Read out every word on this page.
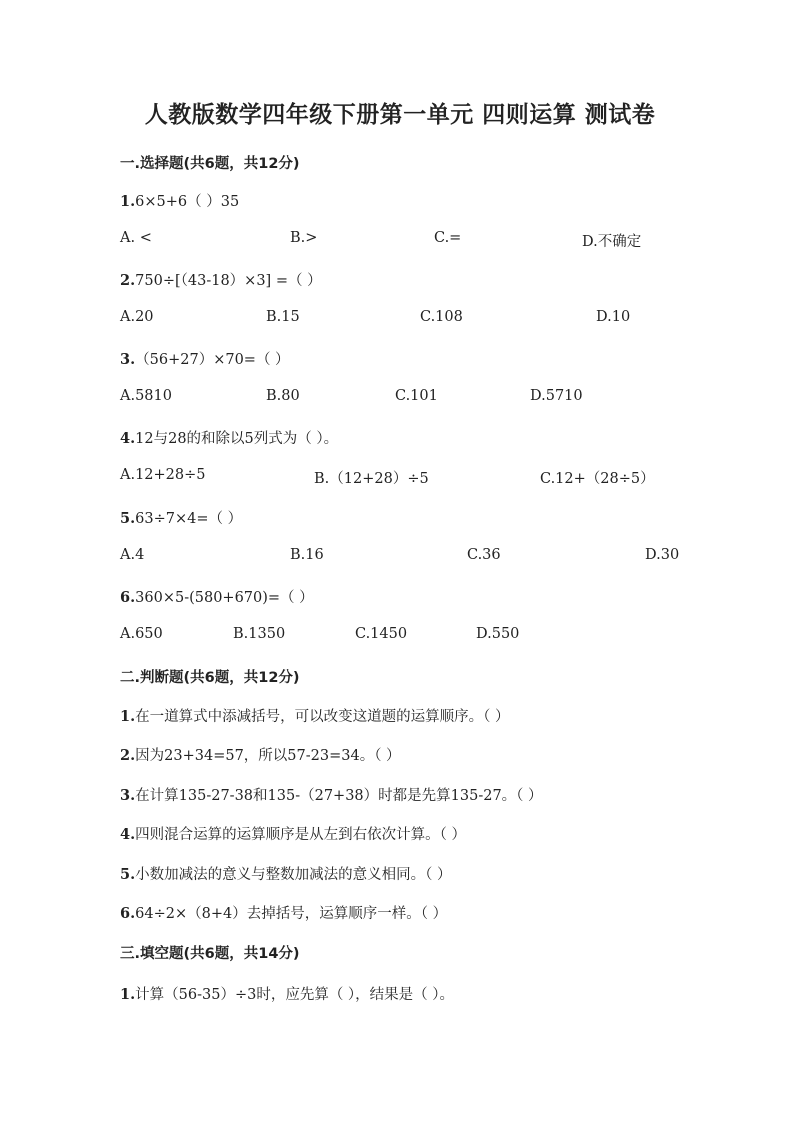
人教版数学四年级下册第一单元 四则运算 测试卷
一.选择题(共6题，共12分)
1.6×5+6（ ）35
A. <	B.>	C.=	D.不确定
2.750÷[（43-18）×3] =（ ）
A.20	B.15	C.108	D.10
3.（56+27）×70=（ ）
A.5810	B.80	C.101	D.5710
4.12与28的和除以5列式为（ ）。
A.12+28÷5	B.（12+28）÷5	C.12+（28÷5）
5.63÷7×4=（ ）
A.4	B.16	C.36	D.30
6.360×5-(580+670)=（ ）
A.650	B.1350	C.1450	D.550
二.判断题(共6题，共12分)
1.在一道算式中添减括号，可以改变这道题的运算顺序。（ ）
2.因为23+34=57，所以57-23=34。（ ）
3.在计算135-27-38和135-（27+38）时都是先算135-27。（ ）
4.四则混合运算的运算顺序是从左到右依次计算。（ ）
5.小数加减法的意义与整数加减法的意义相同。（ ）
6.64÷2×（8+4）去掉括号，运算顺序一样。（ ）
三.填空题(共6题，共14分)
1.计算（56-35）÷3时，应先算（ ），结果是（ ）。
